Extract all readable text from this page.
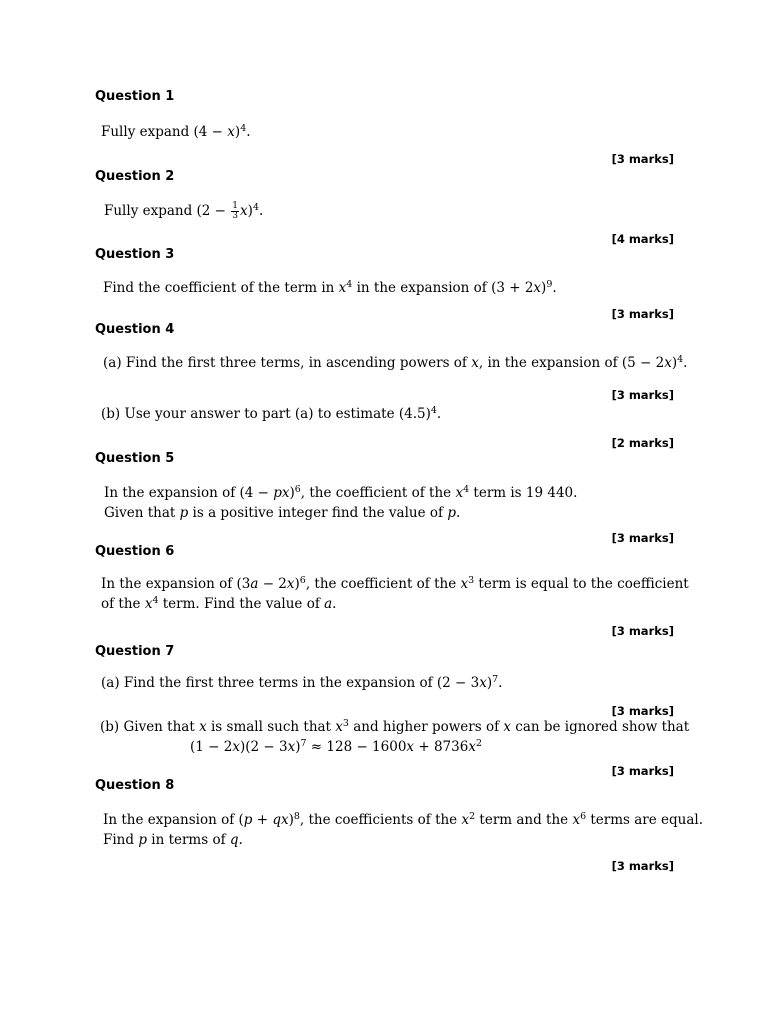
Question 1
Fully expand $(4 - x)^4$.
[3 marks]
Question 2
Fully expand $(2 - \frac{1}{3} x)^4$.
[4 marks]
Question 3
Find the coefficient of the term in $x^4$ in the expansion of $(3 + 2x)^9$.
[3 marks]
Question 4
(a) Find the first three terms, in ascending powers of x, in the expansion of $(5 - 2x)^4$.
[3 marks]
(b) Use your answer to part (a) to estimate $(4.5)^4$.
[2 marks]
Question 5
In the expansion of (4 − px)$^6$, the coefficient of the $x^4$ term is 19 440.
Given that p is a positive integer find the value of p.
[3 marks]
Question 6
In the expansion of $(3a - 2x)^6$, the coefficient of the $x^3$ term is equal to the coefficient
of the $x^4$ term. Find the value of a.
[3 marks]
Question 7
(a) Find the first three terms in the expansion of $(2 - 3x)^7$.
[3 marks]
(b) Given that x is small such that $x^3$ and higher powers of x can be ignored show that
$(1 - 2x)(2 - 3x)^7 \approx 128 - 1600x + 8736x^2$
[3 marks]
Question 8
In the expansion of (p + qx)$^8$, the coefficients of the $x^2$ term and the $x^6$ terms are equal.
Find p in terms of q.
[3 marks]
